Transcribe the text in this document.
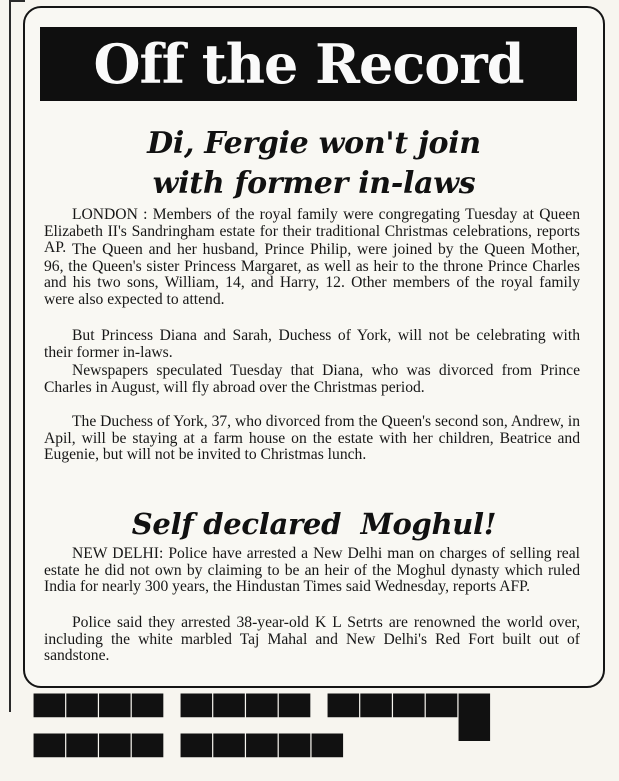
Off the Record
Di, Fergie won't join
with former in-laws
LONDON : Members of the royal family were congregating Tuesday at Queen Elizabeth II's Sandringham estate for their traditional Christmas celebrations, reports AP. The Queen and her husband, Prince Philip, were joined by the Queen Mother, 96, the Queen's sister Princess Margaret, as well as heir to the throne Prince Charles and his two sons, William, 14, and Harry, 12. Other members of the royal family were also expected to attend.
But Princess Diana and Sarah, Duchess of York, will not be celebrating with their former in-laws.
Newspapers speculated Tuesday that Diana, who was divorced from Prince Charles in August, will fly abroad over the Christmas period.
The Duchess of York, 37, who divorced from the Queen's second son, Andrew, in Apil, will be staying at a farm house on the estate with her children, Beatrice and Eugenie, but will not be invited to Christmas lunch.
Self declared  Moghul!
NEW DELHI: Police have arrested a New Delhi man on charges of selling real estate he did not own by claiming to be an heir of the Moghul dynasty which ruled India for nearly 300 years, the Hindustan Times said Wednesday, reports AFP.
Police said they arrested 38-year-old K L Setrts are renowned the world over, including the white marbled Taj Mahal and New Delhi's Red Fort built out of sandstone.
▀▀▀▀ ▀▀▀▀ ▀▀▀▀█ ▀▀▀▀ ▀▀▀▀▀
